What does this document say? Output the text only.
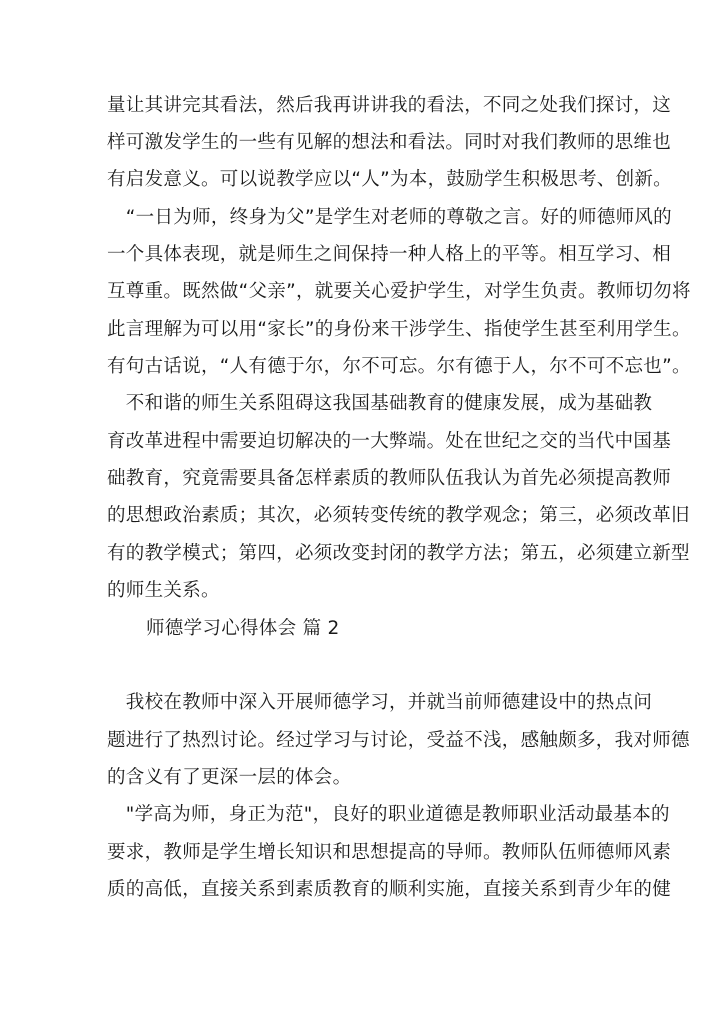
量让其讲完其看法，然后我再讲讲我的看法，不同之处我们探讨，这
样可激发学生的一些有见解的想法和看法。同时对我们教师的思维也
有启发意义。可以说教学应以“人”为本，鼓励学生积极思考、创新。
　“一日为师，终身为父”是学生对老师的尊敬之言。好的师德师风的
一个具体表现，就是师生之间保持一种人格上的平等。相互学习、相
互尊重。既然做“父亲”，就要关心爱护学生，对学生负责。教师切勿将
此言理解为可以用“家长”的身份来干涉学生、指使学生甚至利用学生。
有句古话说，“人有德于尔，尔不可忘。尔有德于人，尔不可不忘也”。
　不和谐的师生关系阻碍这我国基础教育的健康发展，成为基础教
育改革进程中需要迫切解决的一大弊端。处在世纪之交的当代中国基
础教育，究竟需要具备怎样素质的教师队伍我认为首先必须提高教师
的思想政治素质；其次，必须转变传统的教学观念；第三，必须改革旧
有的教学模式；第四，必须改变封闭的教学方法；第五，必须建立新型
的师生关系。
师德学习心得体会 篇 2
　我校在教师中深入开展师德学习，并就当前师德建设中的热点问
题进行了热烈讨论。经过学习与讨论，受益不浅，感触颇多，我对师德
的含义有了更深一层的体会。
　"学高为师，身正为范"，良好的职业道德是教师职业活动最基本的
要求，教师是学生增长知识和思想提高的导师。教师队伍师德师风素
质的高低，直接关系到素质教育的顺利实施，直接关系到青少年的健
